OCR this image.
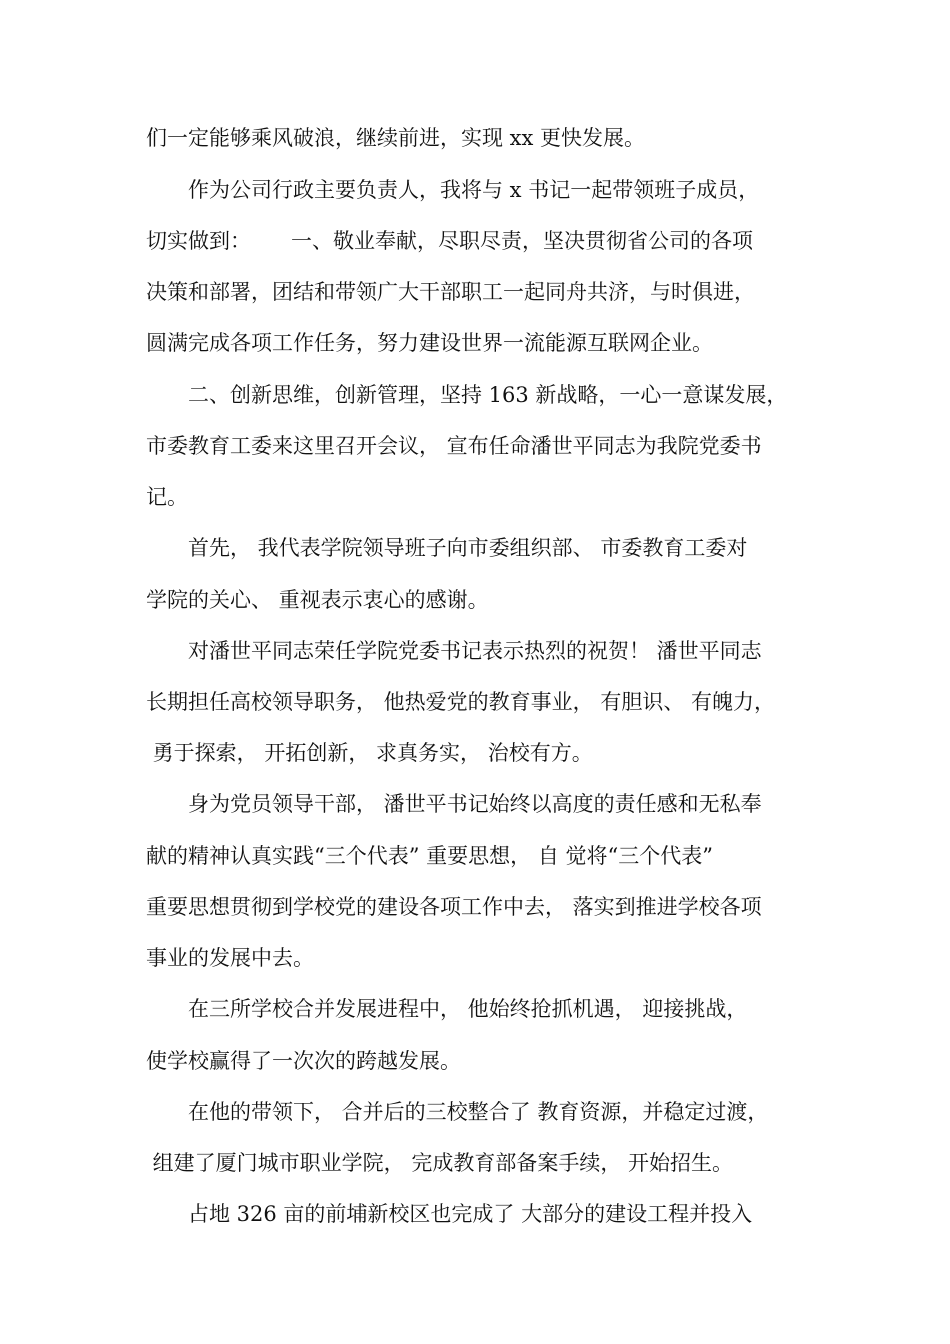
们一定能够乘风破浪，继续前进，实现 xx 更快发展。
作为公司行政主要负责人，我将与 x 书记一起带领班子成员，
切实做到：      一、敬业奉献，尽职尽责，坚决贯彻省公司的各项
决策和部署，团结和带领广大干部职工一起同舟共济，与时俱进，
圆满完成各项工作任务，努力建设世界一流能源互联网企业。
二、创新思维，创新管理，坚持 163 新战略，一心一意谋发展，
市委教育工委来这里召开会议， 宣布任命潘世平同志为我院党委书
记。
首先， 我代表学院领导班子向市委组织部、 市委教育工委对
学院的关心、 重视表示衷心的感谢。
对潘世平同志荣任学院党委书记表示热烈的祝贺！ 潘世平同志
长期担任高校领导职务， 他热爱党的教育事业， 有胆识、 有魄力，
勇于探索， 开拓创新， 求真务实， 治校有方。
身为党员领导干部， 潘世平书记始终以高度的责任感和无私奉
献的精神认真实践“三个代表” 重要思想， 自 觉将“三个代表”
重要思想贯彻到学校党的建设各项工作中去， 落实到推进学校各项
事业的发展中去。
在三所学校合并发展进程中， 他始终抢抓机遇， 迎接挑战，
使学校赢得了一次次的跨越发展。
在他的带领下， 合并后的三校整合了 教育资源，并稳定过渡，
组建了厦门城市职业学院， 完成教育部备案手续， 开始招生。
占地 326 亩的前埔新校区也完成了 大部分的建设工程并投入
